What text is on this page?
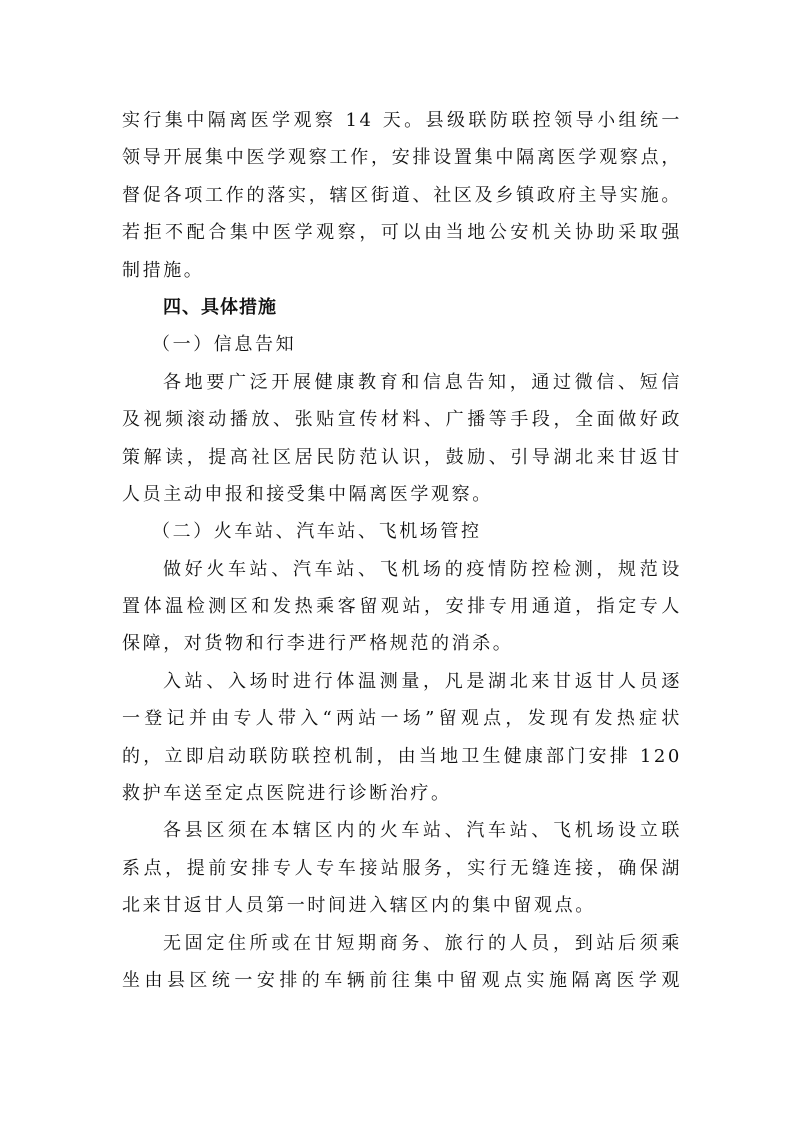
实行集中隔离医学观察 14 天。县级联防联控领导小组统一
领导开展集中医学观察工作，安排设置集中隔离医学观察点，
督促各项工作的落实，辖区街道、社区及乡镇政府主导实施。
若拒不配合集中医学观察，可以由当地公安机关协助采取强
制措施。
四、具体措施
（一）信息告知
各地要广泛开展健康教育和信息告知，通过微信、短信
及视频滚动播放、张贴宣传材料、广播等手段，全面做好政
策解读，提高社区居民防范认识，鼓励、引导湖北来甘返甘
人员主动申报和接受集中隔离医学观察。
（二）火车站、汽车站、飞机场管控
做好火车站、汽车站、飞机场的疫情防控检测，规范设
置体温检测区和发热乘客留观站，安排专用通道，指定专人
保障，对货物和行李进行严格规范的消杀。
入站、入场时进行体温测量，凡是湖北来甘返甘人员逐
一登记并由专人带入“两站一场”留观点，发现有发热症状
的，立即启动联防联控机制，由当地卫生健康部门安排 120
救护车送至定点医院进行诊断治疗。
各县区须在本辖区内的火车站、汽车站、飞机场设立联
系点，提前安排专人专车接站服务，实行无缝连接，确保湖
北来甘返甘人员第一时间进入辖区内的集中留观点。
无固定住所或在甘短期商务、旅行的人员，到站后须乘
坐由县区统一安排的车辆前往集中留观点实施隔离医学观
